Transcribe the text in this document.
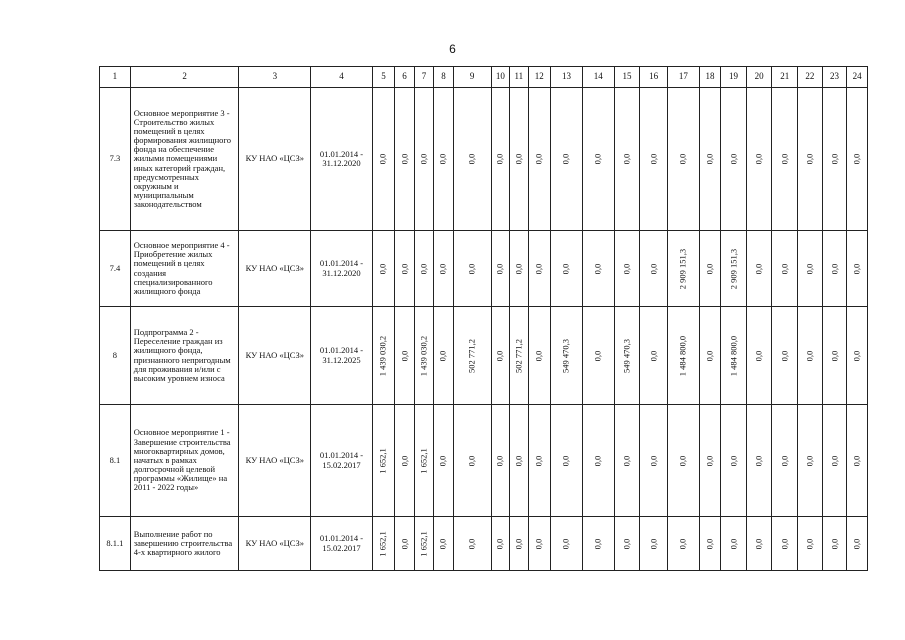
6
1	2	3	4	5	6	7	8	9	10	11	12	13	14	15	16	17	18	19	20	21	22	23	24
7.3	Основное мероприятие 3 - Строительство жилых помещений в целях формирования жилищного фонда на обеспечение жилыми помещениями иных категорий граждан, предусмотренных окружным и муниципальным законодательством	КУ НАО «ЦСЗ»	01.01.2014 - 31.12.2020	0,0	0,0	0,0	0,0	0,0	0,0	0,0	0,0	0,0	0,0	0,0	0,0	0,0	0,0	0,0	0,0	0,0	0,0	0,0	0,0

7.4	Основное мероприятие 4 - Приобретение жилых помещений в целях создания специализированного жилищного фонда	КУ НАО «ЦСЗ»	01.01.2014 - 31.12.2020	0,0	0,0	0,0	0,0	0,0	0,0	0,0	0,0	0,0	0,0	0,0	0,0	2 909 151,3	0,0	2 909 151,3	0,0	0,0	0,0	0,0	0,0

8	Подпрограмма 2 - Переселение граждан из жилищного фонда, признанного непригодным для проживания и/или с высоким уровнем износа	КУ НАО «ЦСЗ»	01.01.2014 - 31.12.2025	1 439 030,2	0,0	1 439 030,2	0,0	502 771,2	0,0	502 771,2	0,0	549 470,3	0,0	549 470,3	0,0	1 484 800,0	0,0	1 484 800,0	0,0	0,0	0,0	0,0	0,0

8.1	Основное мероприятие 1 - Завершение строительства многоквартирных домов, начатых в рамках долгосрочной целевой программы «Жилище» на 2011 - 2022 годы»	КУ НАО «ЦСЗ»	01.01.2014 - 15.02.2017	1 652,1	0,0	1 652,1	0,0	0,0	0,0	0,0	0,0	0,0	0,0	0,0	0,0	0,0	0,0	0,0	0,0	0,0	0,0	0,0	0,0

8.1.1	Выполнение работ по завершению строительства 4-х квартирного жилого	КУ НАО «ЦСЗ»	01.01.2014 - 15.02.2017	1 652,1	0,0	1 652,1	0,0	0,0	0,0	0,0	0,0	0,0	0,0	0,0	0,0	0,0	0,0	0,0	0,0	0,0	0,0	0,0	0,0
